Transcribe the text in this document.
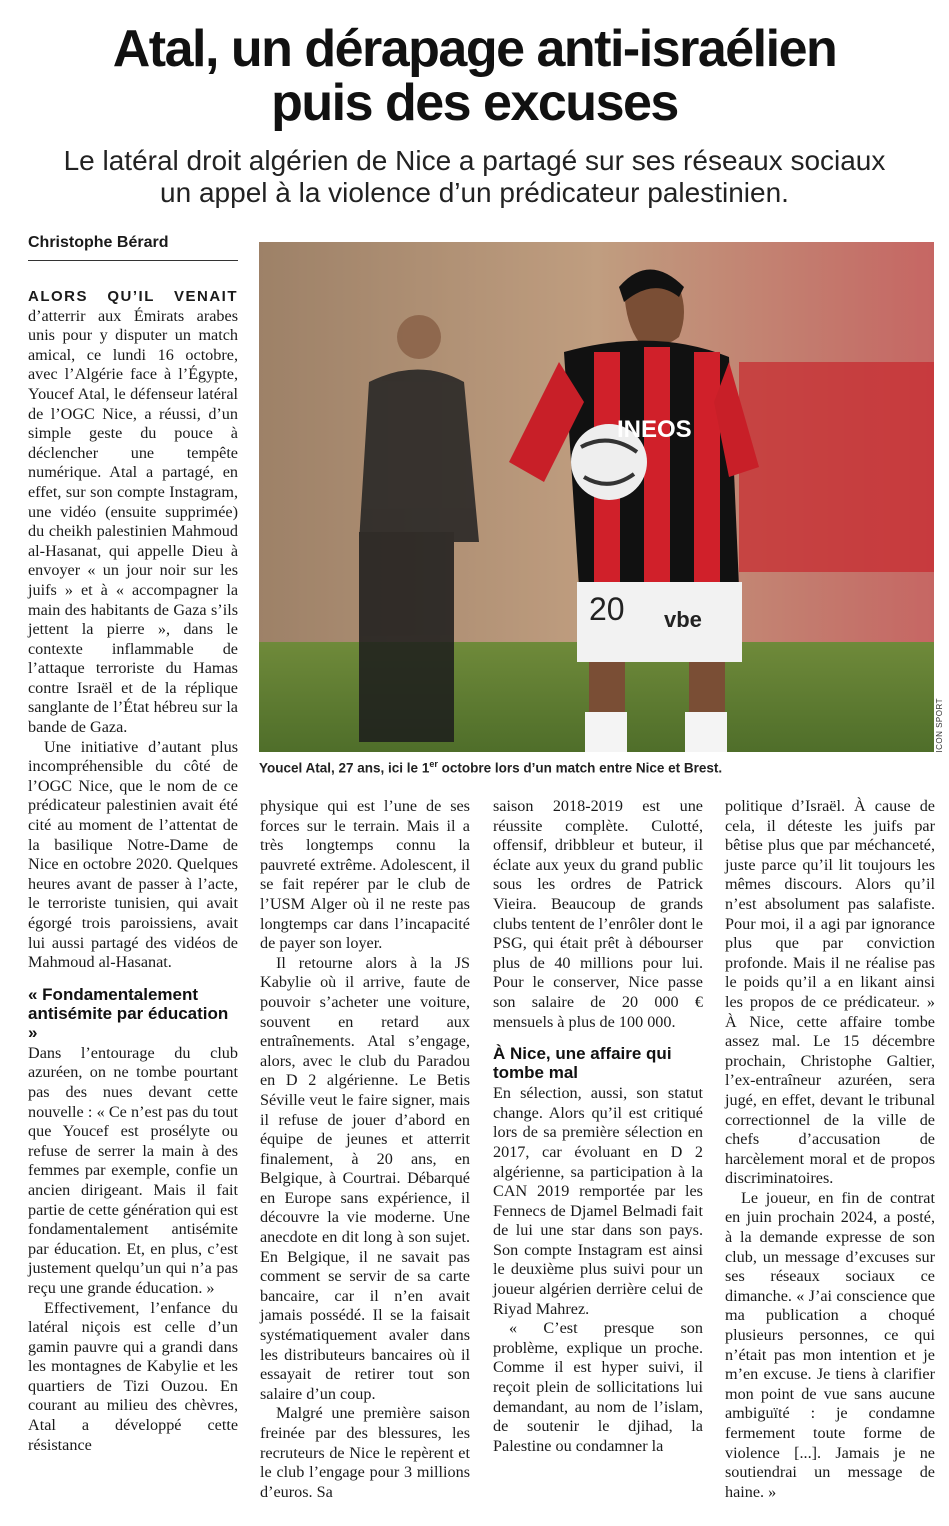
Atal, un dérapage anti-israélien
puis des excuses

Le latéral droit algérien de Nice a partagé sur ses réseaux sociaux
un appel à la violence d’un prédicateur palestinien.

Christophe Bérard

ALORS QU’IL VENAIT d’atterrir aux Émirats arabes unis pour y disputer un match amical, ce lundi 16 octobre, avec l’Algérie face à l’Égypte, Youcef Atal, le défenseur latéral de l’OGC Nice, a réussi, d’un simple geste du pouce à déclencher une tempête numérique. Atal a partagé, en effet, sur son compte Instagram, une vidéo (ensuite supprimée) du cheikh palestinien Mahmoud al-Hasanat, qui appelle Dieu à envoyer « un jour noir sur les juifs » et à « accompagner la main des habitants de Gaza s’ils jettent la pierre », dans le contexte inflammable de l’attaque terroriste du Hamas contre Israël et de la réplique sanglante de l’État hébreu sur la bande de Gaza.

Une initiative d’autant plus incompréhensible du côté de l’OGC Nice, que le nom de ce prédicateur palestinien avait été cité au moment de l’attentat de la basilique Notre-Dame de Nice en octobre 2020. Quelques heures avant de passer à l’acte, le terroriste tunisien, qui avait égorgé trois paroissiens, avait lui aussi partagé des vidéos de Mahmoud al-Hasanat.

« Fondamentalement antisémite par éducation »

Dans l’entourage du club azuréen, on ne tombe pourtant pas des nues devant cette nouvelle : « Ce n’est pas du tout que Youcef est prosélyte ou refuse de serrer la main à des femmes par exemple, confie un ancien dirigeant. Mais il fait partie de cette génération qui est fondamentalement antisémite par éducation. Et, en plus, c’est justement quelqu’un qui n’a pas reçu une grande éducation. »

Effectivement, l’enfance du latéral niçois est celle d’un gamin pauvre qui a grandi dans les montagnes de Kabylie et les quartiers de Tizi Ouzou. En courant au milieu des chèvres, Atal a développé cette résistance

20 vbe
INEOS
ICON SPORT
Youcel Atal, 27 ans, ici le 1er octobre lors d’un match entre Nice et Brest.

physique qui est l’une de ses forces sur le terrain. Mais il a très longtemps connu la pauvreté extrême. Adolescent, il se fait repérer par le club de l’USM Alger où il ne reste pas longtemps car dans l’incapacité de payer son loyer.

Il retourne alors à la JS Kabylie où il arrive, faute de pouvoir s’acheter une voiture, souvent en retard aux entraînements. Atal s’engage, alors, avec le club du Paradou en D 2 algérienne. Le Betis Séville veut le faire signer, mais il refuse de jouer d’abord en équipe de jeunes et atterrit finalement, à 20 ans, en Belgique, à Courtrai. Débarqué en Europe sans expérience, il découvre la vie moderne. Une anecdote en dit long à son sujet. En Belgique, il ne savait pas comment se servir de sa carte bancaire, car il n’en avait jamais possédé. Il se la faisait systématiquement avaler dans les distributeurs bancaires où il essayait de retirer tout son salaire d’un coup.

Malgré une première saison freinée par des blessures, les recruteurs de Nice le repèrent et le club l’engage pour 3 millions d’euros. Sa

saison 2018-2019 est une réussite complète. Culotté, offensif, dribbleur et buteur, il éclate aux yeux du grand public sous les ordres de Patrick Vieira. Beaucoup de grands clubs tentent de l’enrôler dont le PSG, qui était prêt à débourser plus de 40 millions pour lui. Pour le conserver, Nice passe son salaire de 20 000 € mensuels à plus de 100 000.

À Nice, une affaire qui tombe mal

En sélection, aussi, son statut change. Alors qu’il est critiqué lors de sa première sélection en 2017, car évoluant en D 2 algérienne, sa participation à la CAN 2019 remportée par les Fennecs de Djamel Belmadi fait de lui une star dans son pays. Son compte Instagram est ainsi le deuxième plus suivi pour un joueur algérien derrière celui de Riyad Mahrez.

« C’est presque son problème, explique un proche. Comme il est hyper suivi, il reçoit plein de sollicitations lui demandant, au nom de l’islam, de soutenir le djihad, la Palestine ou condamner la

politique d’Israël. À cause de cela, il déteste les juifs par bêtise plus que par méchanceté, juste parce qu’il lit toujours les mêmes discours. Alors qu’il n’est absolument pas salafiste. Pour moi, il a agi par ignorance plus que par conviction profonde. Mais il ne réalise pas le poids qu’il a en likant ainsi les propos de ce prédicateur. » À Nice, cette affaire tombe assez mal. Le 15 décembre prochain, Christophe Galtier, l’ex-entraîneur azuréen, sera jugé, en effet, devant le tribunal correctionnel de la ville de chefs d’accusation de harcèlement moral et de propos discriminatoires.

Le joueur, en fin de contrat en juin prochain 2024, a posté, à la demande expresse de son club, un message d’excuses sur ses réseaux sociaux ce dimanche. « J’ai conscience que ma publication a choqué plusieurs personnes, ce qui n’était pas mon intention et je m’en excuse. Je tiens à clarifier mon point de vue sans aucune ambiguïté : je condamne fermement toute forme de violence [...]. Jamais je ne soutiendrai un message de haine. »
